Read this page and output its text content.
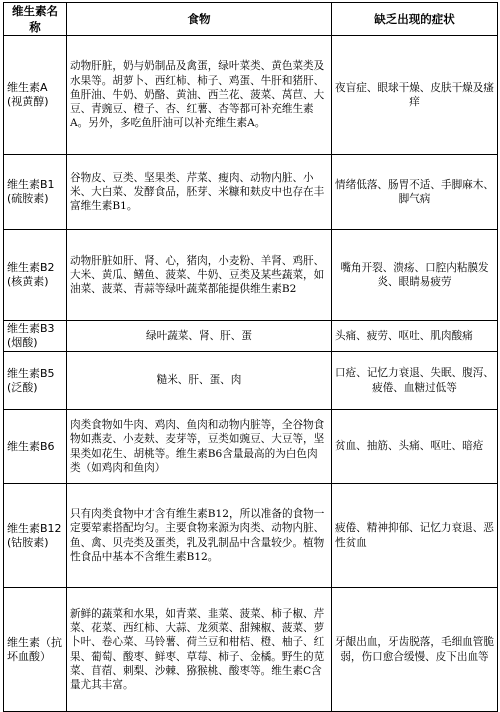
维生素名称	食物	缺乏出现的症状
维生素A
(视黄醇)	动物肝脏，奶与奶制品及禽蛋，绿叶菜类、黄色菜类及水果等。胡萝卜、西红柿、柿子、鸡蛋、牛肝和猪肝、鱼肝油、牛奶、奶酪、黄油、西兰花、菠菜、莴苣、大豆、青豌豆、橙子、杏、红薯、杏等都可补充维生素A。另外，多吃鱼肝油可以补充维生素A。	夜盲症、眼球干燥、皮肤干燥及瘙痒
维生素B1
(硫胺素)	谷物皮、豆类、坚果类、芹菜、瘦肉、动物内脏、小米、大白菜、发酵食品，胚芽、米糠和麸皮中也存在丰富维生素B1。	情绪低落、肠胃不适、手脚麻木、脚气病
维生素B2
(核黄素)	动物肝脏如肝、肾、心，猪肉，小麦粉、羊肾、鸡肝、大米、黄瓜、鳝鱼、菠菜、牛奶、豆类及某些蔬菜，如油菜、菠菜、青蒜等绿叶蔬菜都能提供维生素B2	嘴角开裂、溃疡、口腔内粘膜发炎、眼睛易疲劳
维生素B3
(烟酸)	绿叶蔬菜、肾、肝、蛋	头痛、疲劳、呕吐、肌肉酸痛
维生素B5
(泛酸)	糙米、肝、蛋、肉	口疮、记忆力衰退、失眠、腹泻、疲倦、血糖过低等
维生素B6	肉类食物如牛肉、鸡肉、鱼肉和动物内脏等，全谷物食物如燕麦、小麦麸、麦芽等，豆类如豌豆、大豆等，坚果类如花生、胡桃等。维生素B6含量最高的为白色肉类（如鸡肉和鱼肉）	贫血、抽筋、头痛、呕吐、暗疮
维生素B12
(钴胺素)	只有肉类食物中才含有维生素B12，所以准备的食物一定要荤素搭配均匀。主要食物来源为肉类、动物内脏、鱼、禽、贝壳类及蛋类，乳及乳制品中含量较少。植物性食品中基本不含维生素B12。	疲倦、精神抑郁、记忆力衰退、恶性贫血
维生素（抗坏血酸）	新鲜的蔬菜和水果，如青菜、韭菜、菠菜、柿子椒、芹菜、花菜、西红柿、大蒜、龙须菜、甜辣椒、菠菜、萝卜叶、卷心菜、马铃薯、荷兰豆和柑桔、橙、柚子、红果、葡萄、酸枣、鲜枣、草莓、柿子、金橘。野生的苋菜、苜蓿、刺梨、沙棘、猕猴桃、酸枣等。维生素C含量尤其丰富。	牙龈出血，牙齿脱落，毛细血管脆弱，伤口愈合缓慢、皮下出血等
